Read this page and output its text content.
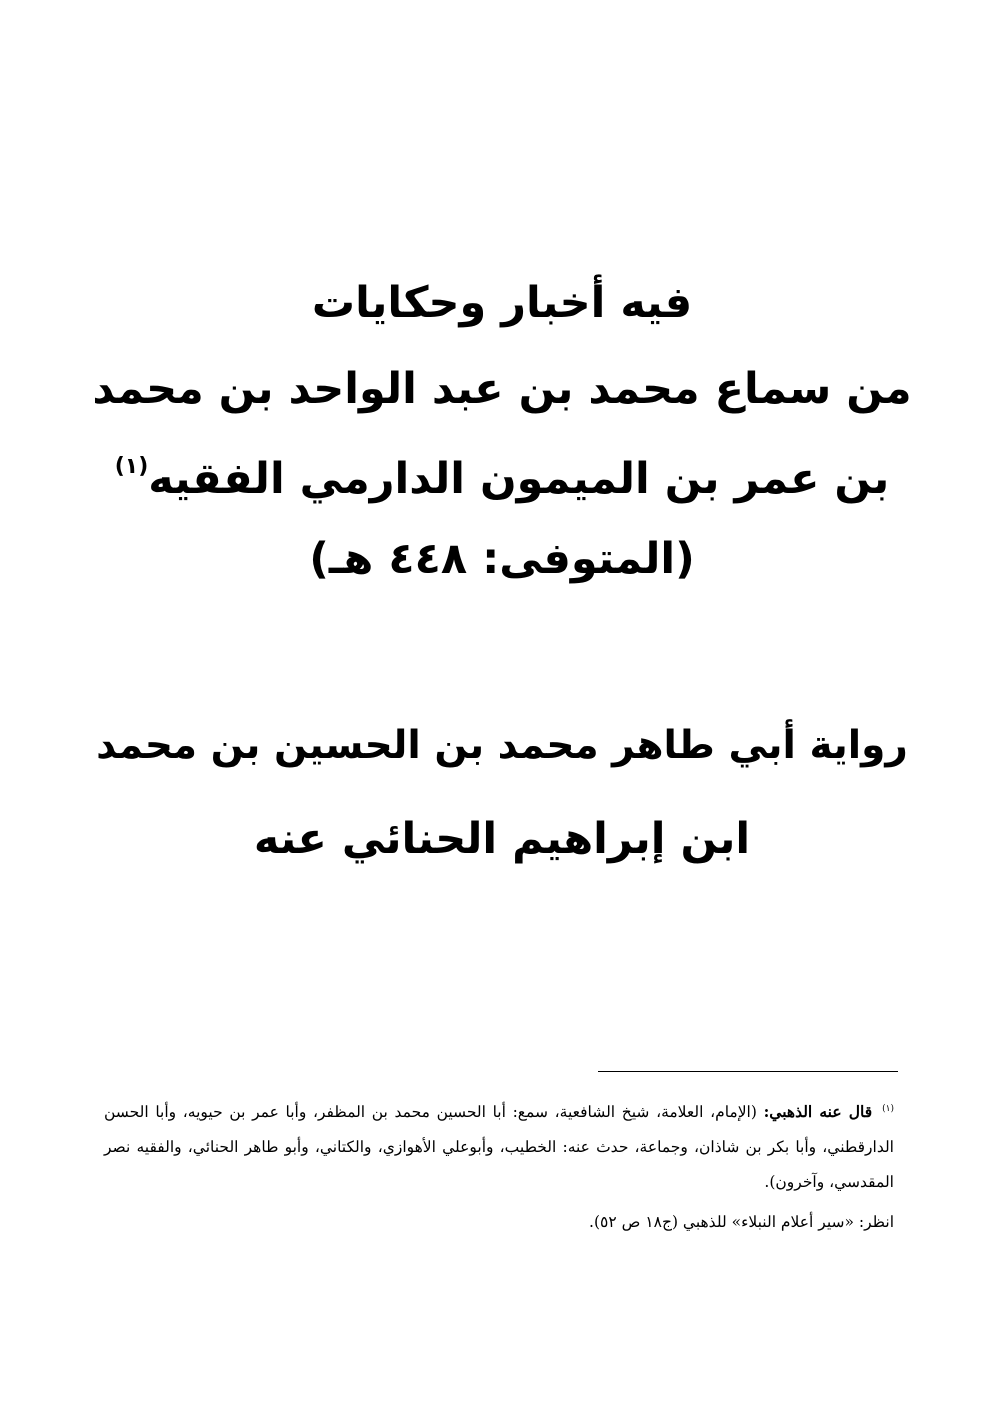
فيه أخبار وحكايات

من سماع محمد بن عبد الواحد بن محمد

بن عمر بن الميمون الدارمي الفقيه$^{(١)}$

(المتوفى: ٤٤٨ هـ)

رواية أبي طاهر محمد بن الحسين بن محمد

ابن إبراهيم الحنائي عنه

$^{(١)}$قال عنه الذهبي: (الإمام، العلامة، شيخ الشافعية، سمع: أبا الحسين محمد بن المظفر، وأبا عمر بن حيويه، وأبا الحسن الدارقطني، وأبا بكر بن شاذان، وجماعة، حدث عنه: الخطيب، وأبوعلي الأهوازي، والكتاني، وأبو طاهر الحنائي، والفقيه نصر المقدسي، وآخرون).

انظر: «سير أعلام النبلاء» للذهبي (ج١٨ ص ٥٢).
